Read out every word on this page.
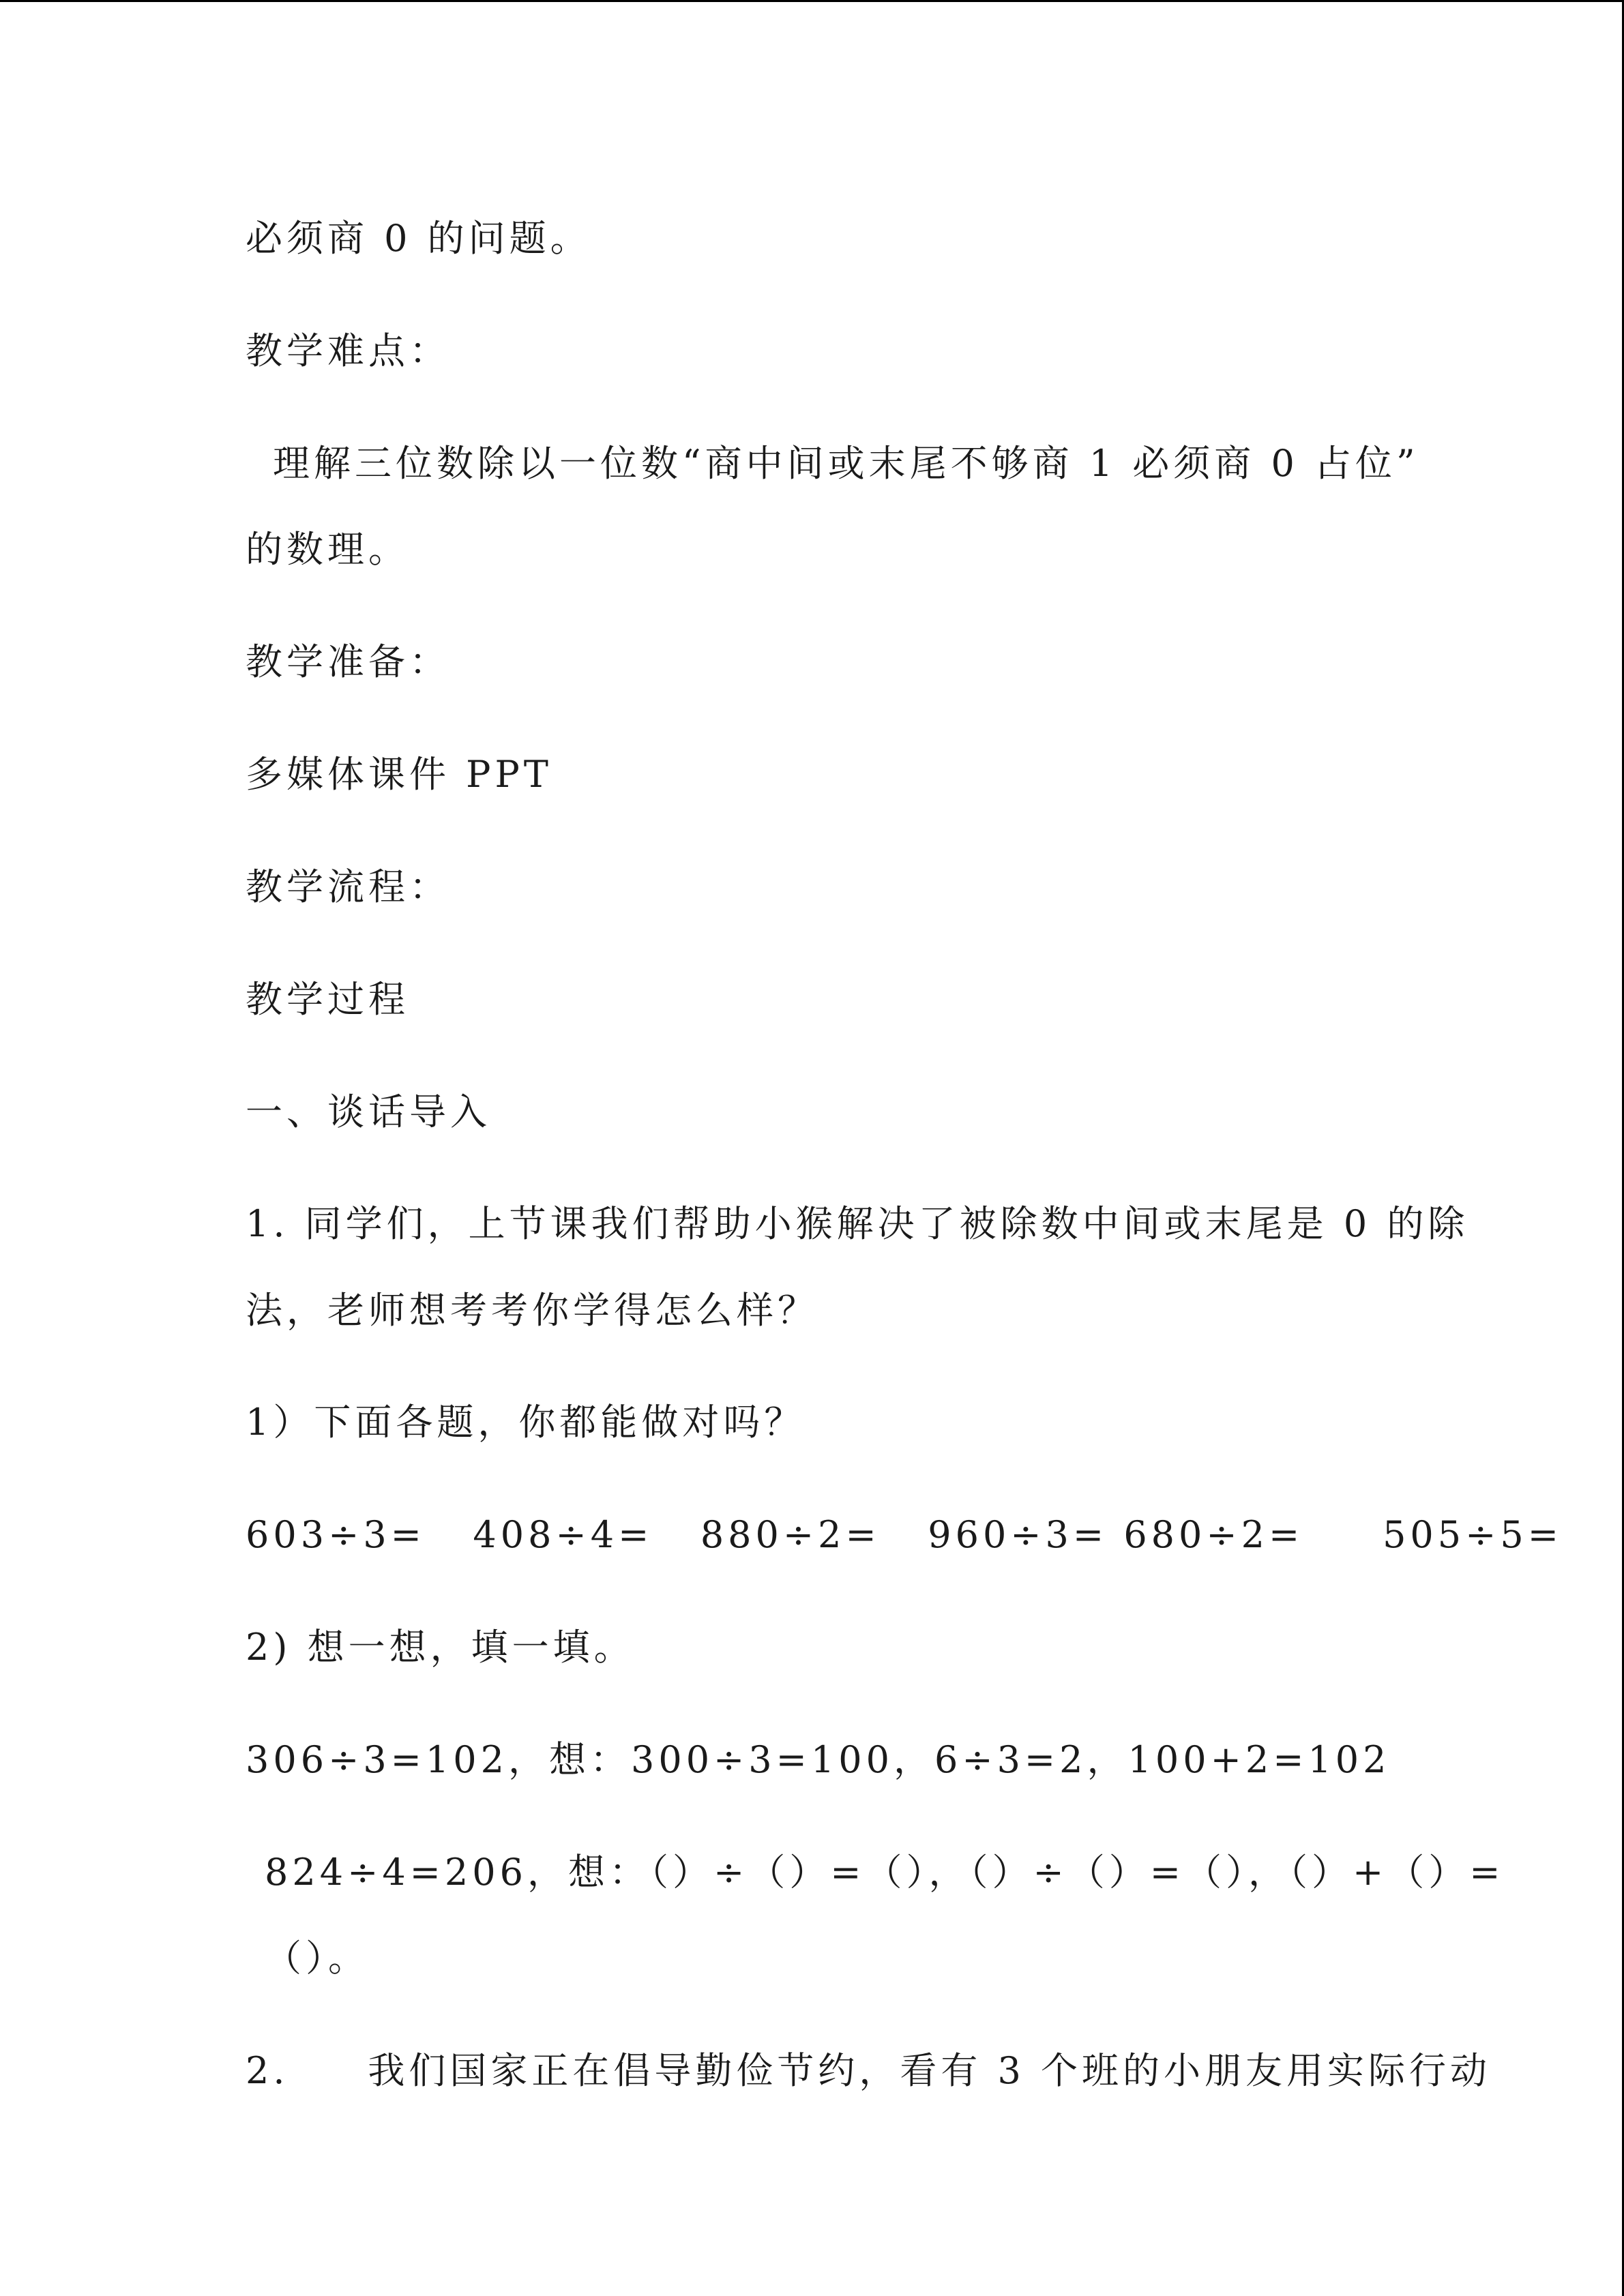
必须商 0 的问题。
教学难点：
理解三位数除以一位数“商中间或末尾不够商 1 必须商 0 占位”
的数理。
教学准备：
多媒体课件 PPT
教学流程：
教学过程
一、谈话导入
1. 同学们，上节课我们帮助小猴解决了被除数中间或末尾是 0 的除
法，老师想考考你学得怎么样？
1）下面各题，你都能做对吗？
603÷3=   408÷4=   880÷2=   960÷3= 680÷2=     505÷5=
2) 想一想，填一填。
306÷3=102，想：300÷3=100，6÷3=2，100+2=102
824÷4=206，想：（）÷（）=（），（）÷（）=（），（）+（）=
（）。
2.     我们国家正在倡导勤俭节约，看有 3 个班的小朋友用实际行动
